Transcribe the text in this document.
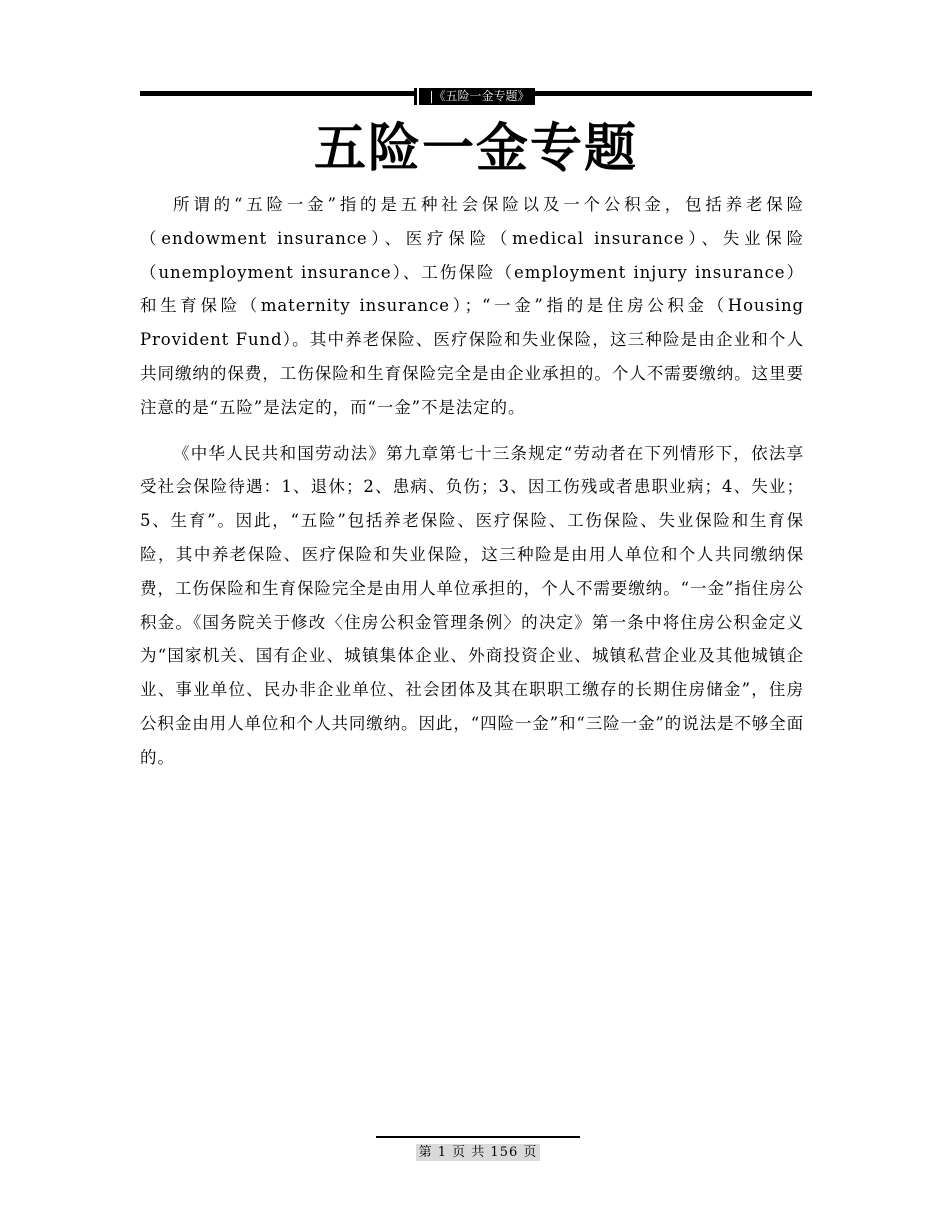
|《五险一金专题》
五险一金专题

所谓的“五险一金”指的是五种社会保险以及一个公积金，包括养老保险（endowment insurance）、医疗保险（medical insurance）、失业保险（unemployment insurance）、工伤保险（employment injury insurance）和生育保险（maternity insurance）；“一金”指的是住房公积金（Housing Provident Fund）。其中养老保险、医疗保险和失业保险，这三种险是由企业和个人共同缴纳的保费，工伤保险和生育保险完全是由企业承担的。个人不需要缴纳。这里要注意的是“五险”是法定的，而“一金”不是法定的。

《中华人民共和国劳动法》第九章第七十三条规定“劳动者在下列情形下，依法享受社会保险待遇：1、退休；2、患病、负伤；3、因工伤残或者患职业病；4、失业；5、生育”。因此，“五险”包括养老保险、医疗保险、工伤保险、失业保险和生育保险，其中养老保险、医疗保险和失业保险，这三种险是由用人单位和个人共同缴纳保费，工伤保险和生育保险完全是由用人单位承担的，个人不需要缴纳。“一金”指住房公积金。《国务院关于修改〈住房公积金管理条例〉的决定》第一条中将住房公积金定义为“国家机关、国有企业、城镇集体企业、外商投资企业、城镇私营企业及其他城镇企业、事业单位、民办非企业单位、社会团体及其在职职工缴存的长期住房储金”，住房公积金由用人单位和个人共同缴纳。因此，“四险一金”和“三险一金”的说法是不够全面的。

第 1 页 共 156 页
